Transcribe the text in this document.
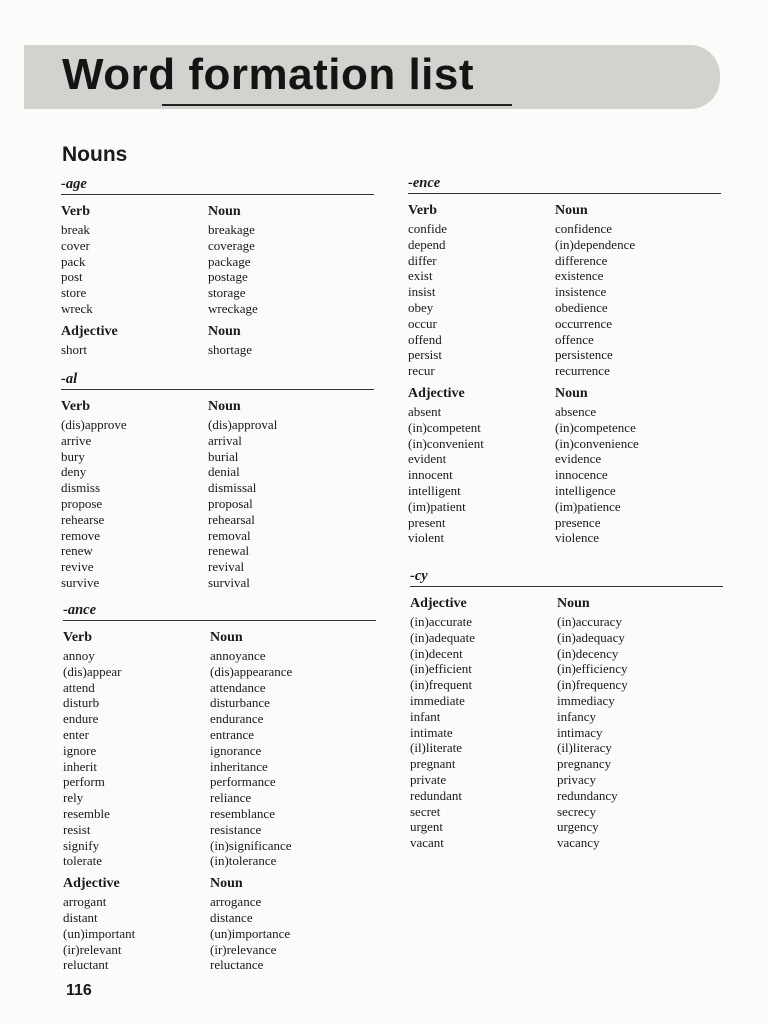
Word formation list
Nouns
-age
Verb	Noun
break	breakage
cover	coverage
pack	package
post	postage
store	storage
wreck	wreckage
Adjective	Noun
short	shortage
-al
Verb	Noun
(dis)approve	(dis)approval
arrive	arrival
bury	burial
deny	denial
dismiss	dismissal
propose	proposal
rehearse	rehearsal
remove	removal
renew	renewal
revive	revival
survive	survival
-ance
Verb	Noun
annoy	annoyance
(dis)appear	(dis)appearance
attend	attendance
disturb	disturbance
endure	endurance
enter	entrance
ignore	ignorance
inherit	inheritance
perform	performance
rely	reliance
resemble	resemblance
resist	resistance
signify	(in)significance
tolerate	(in)tolerance
Adjective	Noun
arrogant	arrogance
distant	distance
(un)important	(un)importance
(ir)relevant	(ir)relevance
reluctant	reluctance
-ence
Verb	Noun
confide	confidence
depend	(in)dependence
differ	difference
exist	existence
insist	insistence
obey	obedience
occur	occurrence
offend	offence
persist	persistence
recur	recurrence
Adjective	Noun
absent	absence
(in)competent	(in)competence
(in)convenient	(in)convenience
evident	evidence
innocent	innocence
intelligent	intelligence
(im)patient	(im)patience
present	presence
violent	violence
-cy
Adjective	Noun
(in)accurate	(in)accuracy
(in)adequate	(in)adequacy
(in)decent	(in)decency
(in)efficient	(in)efficiency
(in)frequent	(in)frequency
immediate	immediacy
infant	infancy
intimate	intimacy
(il)literate	(il)literacy
pregnant	pregnancy
private	privacy
redundant	redundancy
secret	secrecy
urgent	urgency
vacant	vacancy
116
